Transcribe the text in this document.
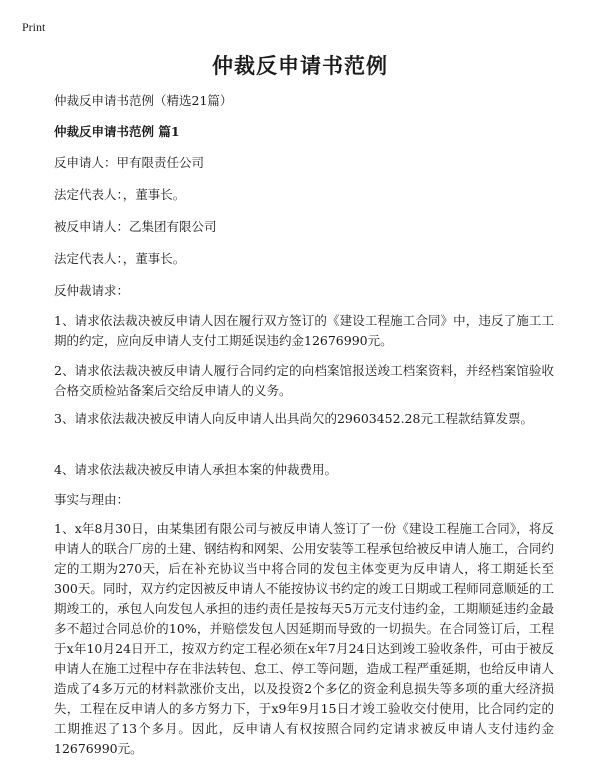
Print
仲裁反申请书范例

仲裁反申请书范例（精选21篇）

仲裁反申请书范例 篇1

反申请人：甲有限责任公司

法定代表人：，董事长。

被反申请人：乙集团有限公司

法定代表人：，董事长。

反仲裁请求：

1、请求依法裁决被反申请人因在履行双方签订的《建设工程施工合同》中，违反了施工工期的约定，应向反申请人支付工期延误违约金12676990元。

2、请求依法裁决被反申请人履行合同约定的向档案馆报送竣工档案资料，并经档案馆验收合格交质检站备案后交给反申请人的义务。

3、请求依法裁决被反申请人向反申请人出具尚欠的29603452.28元工程款结算发票。

4、请求依法裁决被反申请人承担本案的仲裁费用。

事实与理由：

1、x年8月30日，由某集团有限公司与被反申请人签订了一份《建设工程施工合同》，将反申请人的联合厂房的土建、钢结构和网架、公用安装等工程承包给被反申请人施工，合同约定的工期为270天，后在补充协议当中将合同的发包主体变更为反申请人，将工期延长至300天。同时，双方约定因被反申请人不能按协议书约定的竣工日期或工程师同意顺延的工期竣工的，承包人向发包人承担的违约责任是按每天5万元支付违约金，工期顺延违约金最多不超过合同总价的10%，并赔偿发包人因延期而导致的一切损失。在合同签订后，工程于x年10月24日开工，按双方约定工程必须在x年7月24日达到竣工验收条件，可由于被反申请人在施工过程中存在非法转包、怠工、停工等问题，造成工程严重延期，也给反申请人造成了4多万元的材料款涨价支出，以及投资2个多亿的资金利息损失等多项的重大经济损失，工程在反申请人的多方努力下，于x9年9月15日才竣工验收交付使用，比合同约定的工期推迟了13个多月。因此，反申请人有权按照合同约定请求被反申请人支付违约金12676990元。
